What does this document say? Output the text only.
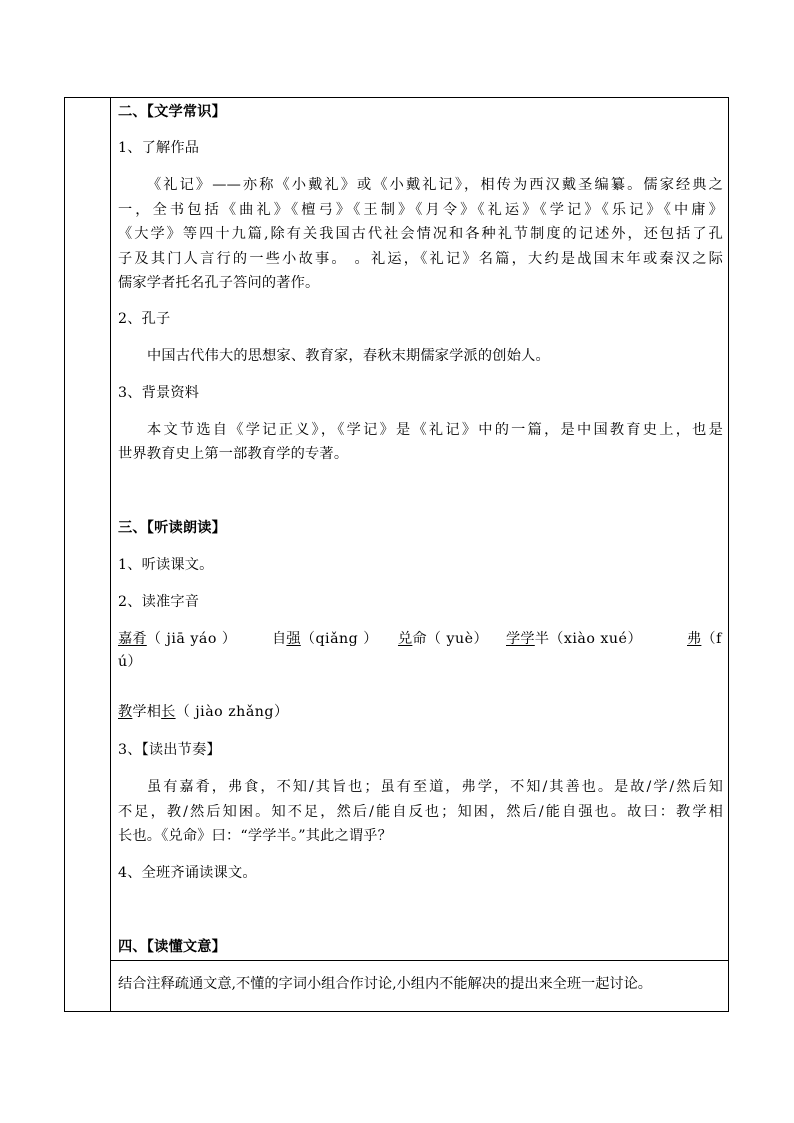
二、【文学常识】
1、了解作品
《礼记》——亦称《小戴礼》或《小戴礼记》，相传为西汉戴圣编纂。儒家经典之
一，全书包括《曲礼》《檀弓》《王制》《月令》《礼运》《学记》《乐记》《中庸》
《大学》等四十九篇,除有关我国古代社会情况和各种礼节制度的记述外，还包括了孔
子及其门人言行的一些小故事。 。礼运，《礼记》名篇，大约是战国末年或秦汉之际
儒家学者托名孔子答问的著作。
2、孔子
中国古代伟大的思想家、教育家，春秋末期儒家学派的创始人。
3、背景资料
本文节选自《学记正义》，《学记》是《礼记》中的一篇，是中国教育史上，也是
世界教育史上第一部教育学的专著。
三、【听读朗读】
1、听读课文。
2、读准字音
嘉肴（ jiā yáo ） 自强（qiǎng ） 兑命（ yuè） 学学半（xiào xué）	弗（f
ú）
教学相长（ jiào zhǎng）
3、【读出节奏】
虽有嘉肴，弗食，不知/其旨也；虽有至道，弗学，不知/其善也。是故/学/然后知
不足，教/然后知困。知不足，然后/能自反也；知困，然后/能自强也。故曰：教学相
长也。《兑命》曰：“学学半。”其此之谓乎？
4、全班齐诵读课文。
四、【读懂文意】
结合注释疏通文意,不懂的字词小组合作讨论,小组内不能解决的提出来全班一起讨论。
